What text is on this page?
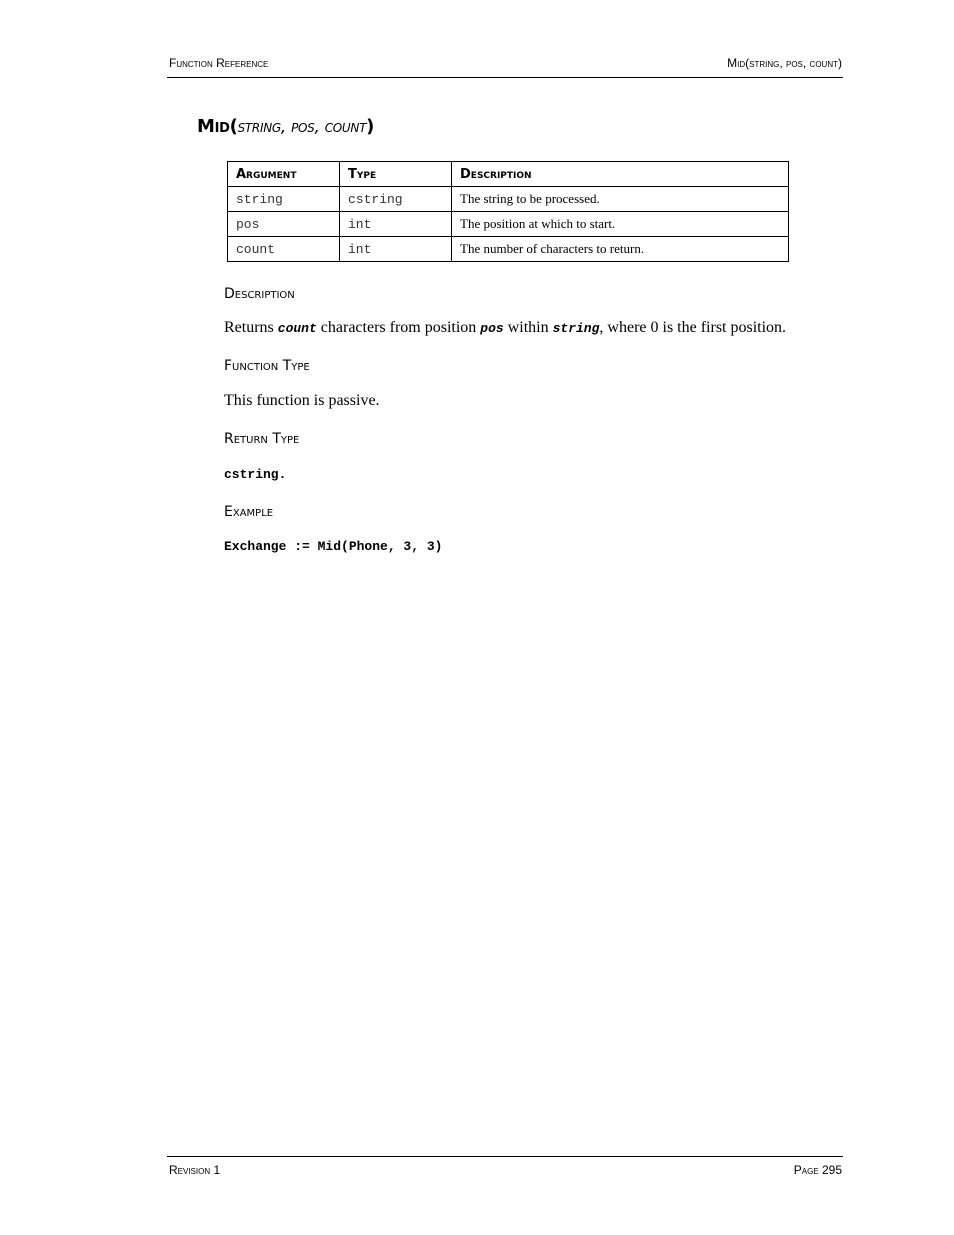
Function Reference	Mid(string, pos, count)
Mid(string, pos, count)
Argument	Type	Description
string	cstring	The string to be processed.
pos	int	The position at which to start.
count	int	The number of characters to return.
Description
Returns count characters from position pos within string, where 0 is the first position.
Function Type
This function is passive.
Return Type
cstring.
Example
Exchange := Mid(Phone, 3, 3)
Revision 1	Page 295
